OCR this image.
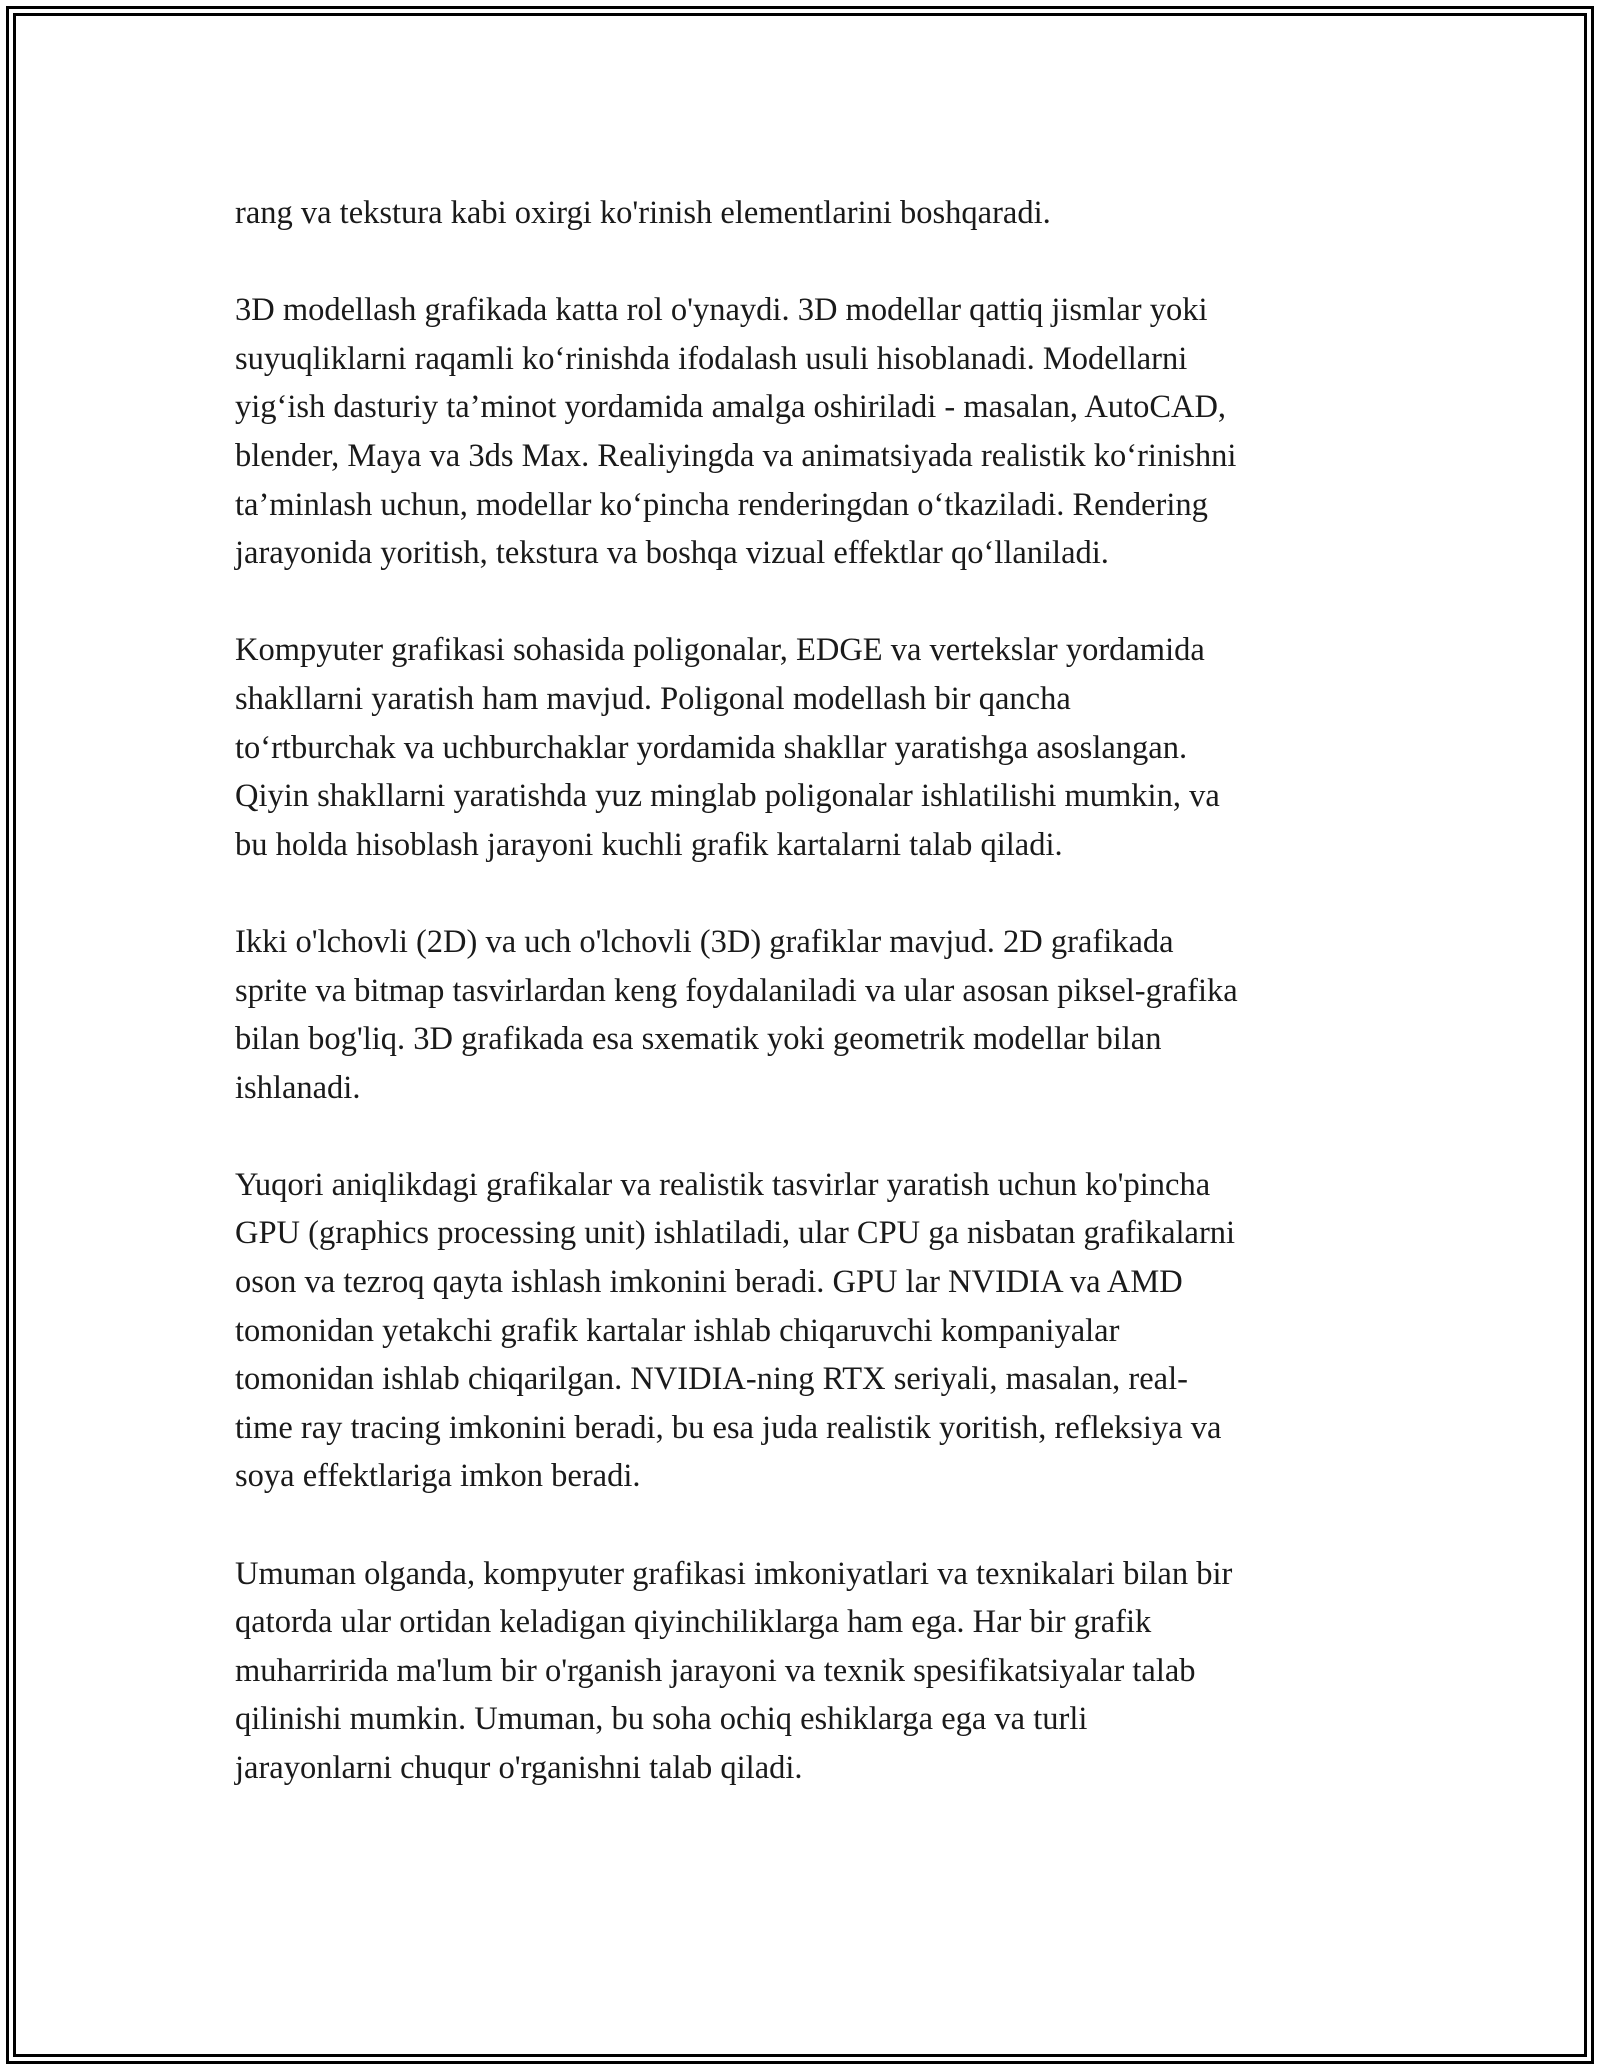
rang va tekstura kabi oxirgi ko'rinish elementlarini boshqaradi.

3D modellash grafikada katta rol o'ynaydi. 3D modellar qattiq jismlar yoki
suyuqliklarni raqamli ko‘rinishda ifodalash usuli hisoblanadi. Modellarni
yig‘ish dasturiy ta’minot yordamida amalga oshiriladi - masalan, AutoCAD,
blender, Maya va 3ds Max. Realiyingda va animatsiyada realistik ko‘rinishni
ta’minlash uchun, modellar ko‘pincha renderingdan o‘tkaziladi. Rendering
jarayonida yoritish, tekstura va boshqa vizual effektlar qo‘llaniladi.

Kompyuter grafikasi sohasida poligonalar, EDGE va vertekslar yordamida
shakllarni yaratish ham mavjud. Poligonal modellash bir qancha
to‘rtburchak va uchburchaklar yordamida shakllar yaratishga asoslangan.
Qiyin shakllarni yaratishda yuz minglab poligonalar ishlatilishi mumkin, va
bu holda hisoblash jarayoni kuchli grafik kartalarni talab qiladi.

Ikki o'lchovli (2D) va uch o'lchovli (3D) grafiklar mavjud. 2D grafikada
sprite va bitmap tasvirlardan keng foydalaniladi va ular asosan piksel-grafika
bilan bog'liq. 3D grafikada esa sxematik yoki geometrik modellar bilan
ishlanadi.

Yuqori aniqlikdagi grafikalar va realistik tasvirlar yaratish uchun ko'pincha
GPU (graphics processing unit) ishlatiladi, ular CPU ga nisbatan grafikalarni
oson va tezroq qayta ishlash imkonini beradi. GPU lar NVIDIA va AMD
tomonidan yetakchi grafik kartalar ishlab chiqaruvchi kompaniyalar
tomonidan ishlab chiqarilgan. NVIDIA-ning RTX seriyali, masalan, real-
time ray tracing imkonini beradi, bu esa juda realistik yoritish, refleksiya va
soya effektlariga imkon beradi.

Umuman olganda, kompyuter grafikasi imkoniyatlari va texnikalari bilan bir
qatorda ular ortidan keladigan qiyinchiliklarga ham ega. Har bir grafik
muharririda ma'lum bir o'rganish jarayoni va texnik spesifikatsiyalar talab
qilinishi mumkin. Umuman, bu soha ochiq eshiklarga ega va turli
jarayonlarni chuqur o'rganishni talab qiladi.
